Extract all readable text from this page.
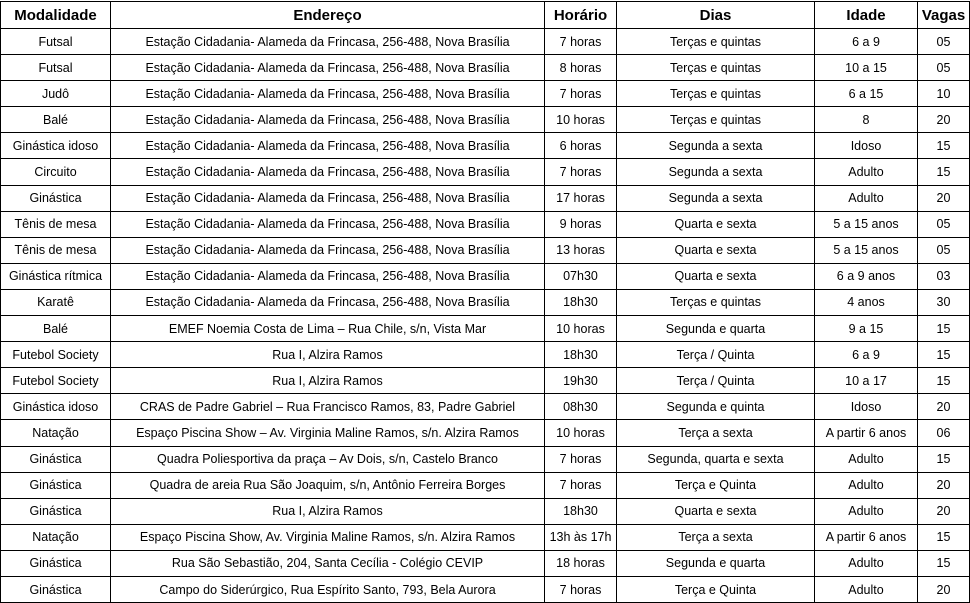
Modalidade	Endereço	Horário	Dias	Idade	Vagas
Futsal	Estação Cidadania- Alameda da Frincasa, 256-488, Nova Brasília	7 horas	Terças e quintas	6 a 9	05
Futsal	Estação Cidadania- Alameda da Frincasa, 256-488, Nova Brasília	8 horas	Terças e quintas	10 a 15	05
Judô	Estação Cidadania- Alameda da Frincasa, 256-488, Nova Brasília	7 horas	Terças e quintas	6 a 15	10
Balé	Estação Cidadania- Alameda da Frincasa, 256-488, Nova Brasília	10 horas	Terças e quintas	8	20
Ginástica idoso	Estação Cidadania- Alameda da Frincasa, 256-488, Nova Brasília	6 horas	Segunda a sexta	Idoso	15
Circuito	Estação Cidadania- Alameda da Frincasa, 256-488, Nova Brasília	7 horas	Segunda a sexta	Adulto	15
Ginástica	Estação Cidadania- Alameda da Frincasa, 256-488, Nova Brasília	17 horas	Segunda a sexta	Adulto	20
Tênis de mesa	Estação Cidadania- Alameda da Frincasa, 256-488, Nova Brasília	9 horas	Quarta e sexta	5 a 15 anos	05
Tênis de mesa	Estação Cidadania- Alameda da Frincasa, 256-488, Nova Brasília	13 horas	Quarta e sexta	5 a 15 anos	05
Ginástica rítmica	Estação Cidadania- Alameda da Frincasa, 256-488, Nova Brasília	07h30	Quarta e sexta	6 a 9 anos	03
Karatê	Estação Cidadania- Alameda da Frincasa, 256-488, Nova Brasília	18h30	Terças e quintas	4 anos	30
Balé	EMEF Noemia Costa de Lima – Rua Chile, s/n, Vista Mar	10 horas	Segunda e quarta	9 a 15	15
Futebol Society	Rua I, Alzira Ramos	18h30	Terça / Quinta	6 a 9	15
Futebol Society	Rua I, Alzira Ramos	19h30	Terça / Quinta	10 a 17	15
Ginástica idoso	CRAS de Padre Gabriel – Rua Francisco Ramos, 83, Padre Gabriel	08h30	Segunda e quinta	Idoso	20
Natação	Espaço Piscina Show – Av. Virginia Maline Ramos, s/n. Alzira Ramos	10 horas	Terça a sexta	A partir 6 anos	06
Ginástica	Quadra Poliesportiva da praça – Av Dois, s/n, Castelo Branco	7 horas	Segunda, quarta e sexta	Adulto	15
Ginástica	Quadra de areia Rua São Joaquim, s/n, Antônio Ferreira Borges	7 horas	Terça e Quinta	Adulto	20
Ginástica	Rua I, Alzira Ramos	18h30	Quarta e sexta	Adulto	20
Natação	Espaço Piscina Show, Av. Virginia Maline Ramos, s/n. Alzira Ramos	13h às 17h	Terça a sexta	A partir 6 anos	15
Ginástica	Rua São Sebastião, 204, Santa Cecília - Colégio CEVIP	18 horas	Segunda e quarta	Adulto	15
Ginástica	Campo do Siderúrgico, Rua Espírito Santo, 793, Bela Aurora	7 horas	Terça e Quinta	Adulto	20
